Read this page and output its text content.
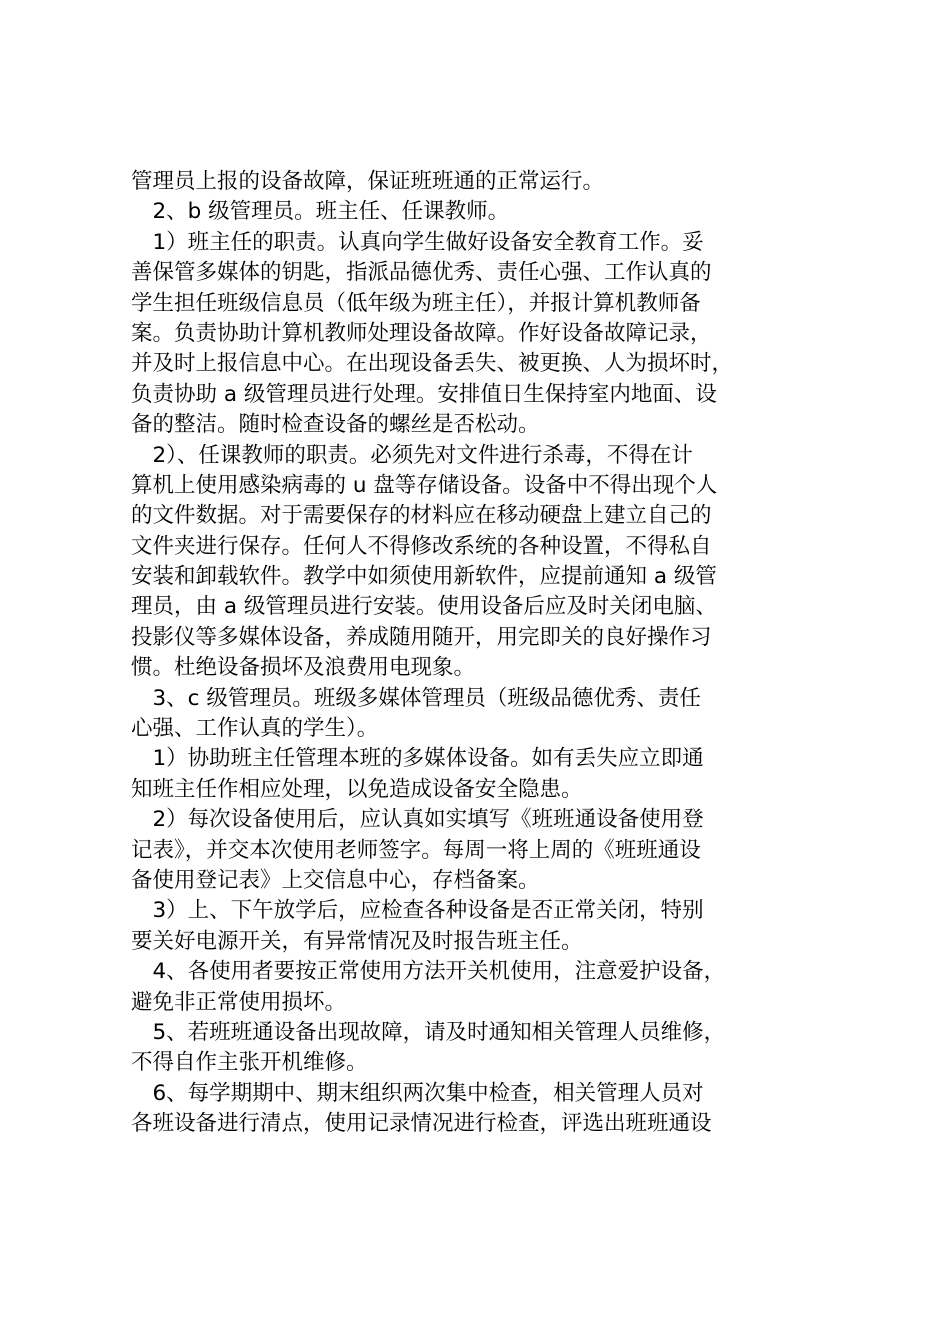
管理员上报的设备故障，保证班班通的正常运行。
　2、b 级管理员。班主任、任课教师。
　1）班主任的职责。认真向学生做好设备安全教育工作。妥
善保管多媒体的钥匙，指派品德优秀、责任心强、工作认真的
学生担任班级信息员（低年级为班主任），并报计算机教师备
案。负责协助计算机教师处理设备故障。作好设备故障记录，
并及时上报信息中心。在出现设备丢失、被更换、人为损坏时，
负责协助 a 级管理员进行处理。安排值日生保持室内地面、设
备的整洁。随时检查设备的螺丝是否松动。
　2）、任课教师的职责。必须先对文件进行杀毒，不得在计
算机上使用感染病毒的 u 盘等存储设备。设备中不得出现个人
的文件数据。对于需要保存的材料应在移动硬盘上建立自己的
文件夹进行保存。任何人不得修改系统的各种设置，不得私自
安装和卸载软件。教学中如须使用新软件，应提前通知 a 级管
理员，由 a 级管理员进行安装。使用设备后应及时关闭电脑、
投影仪等多媒体设备，养成随用随开，用完即关的良好操作习
惯。杜绝设备损坏及浪费用电现象。
　3、c 级管理员。班级多媒体管理员（班级品德优秀、责任
心强、工作认真的学生）。
　1）协助班主任管理本班的多媒体设备。如有丢失应立即通
知班主任作相应处理，以免造成设备安全隐患。
　2）每次设备使用后，应认真如实填写《班班通设备使用登
记表》，并交本次使用老师签字。每周一将上周的《班班通设
备使用登记表》上交信息中心，存档备案。
　3）上、下午放学后，应检查各种设备是否正常关闭，特别
要关好电源开关，有异常情况及时报告班主任。
　4、各使用者要按正常使用方法开关机使用，注意爱护设备，
避免非正常使用损坏。
　5、若班班通设备出现故障，请及时通知相关管理人员维修，
不得自作主张开机维修。
　6、每学期期中、期末组织两次集中检查，相关管理人员对
各班设备进行清点，使用记录情况进行检查，评选出班班通设
